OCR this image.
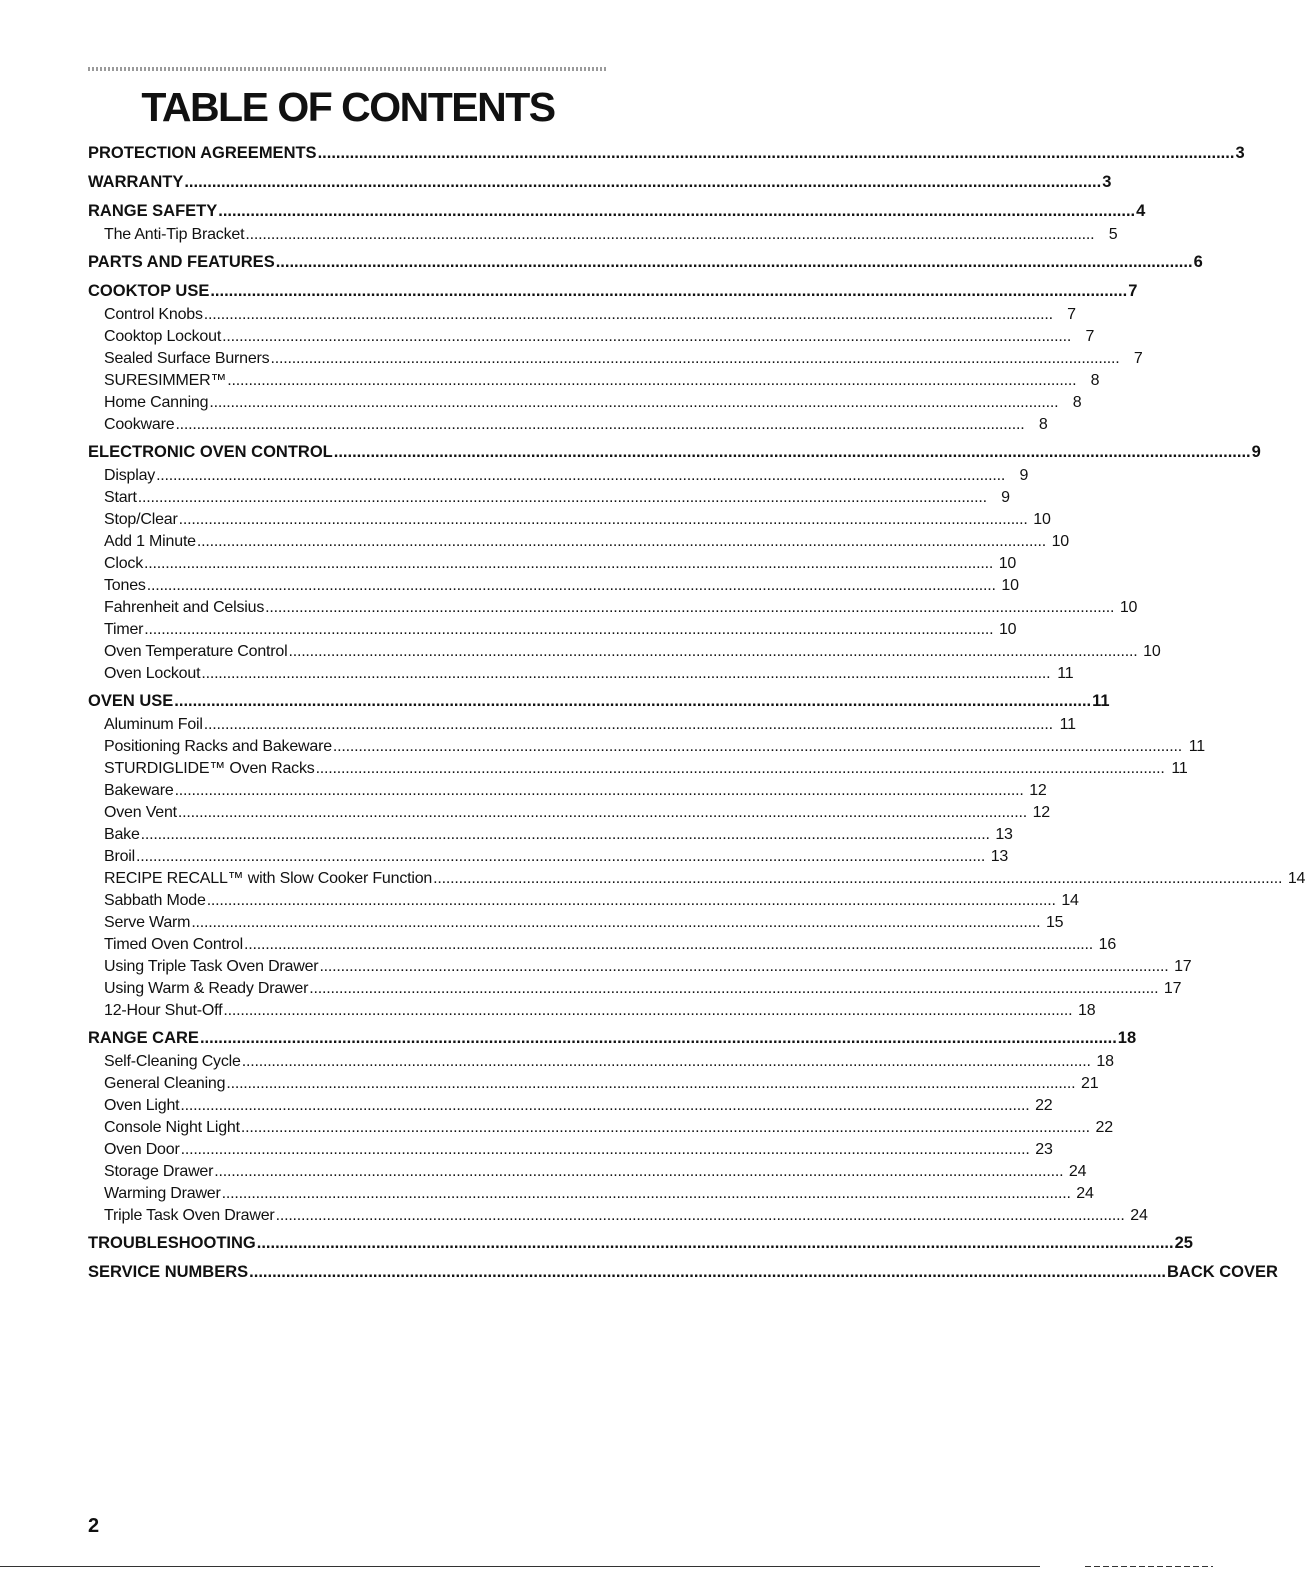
TABLE OF CONTENTS
PROTECTION AGREEMENTS ........................................................................................................................................................................................................ 3
WARRANTY ........................................................................................................................................................................................................ 3
RANGE SAFETY ........................................................................................................................................................................................................ 4
The Anti-Tip Bracket ........................................................................................................................................................................................................ 5
PARTS AND FEATURES ........................................................................................................................................................................................................ 6
COOKTOP USE ........................................................................................................................................................................................................ 7
Control Knobs ........................................................................................................................................................................................................ 7
Cooktop Lockout ........................................................................................................................................................................................................ 7
Sealed Surface Burners ........................................................................................................................................................................................................ 7
SURESIMMER™ ........................................................................................................................................................................................................ 8
Home Canning ........................................................................................................................................................................................................ 8
Cookware ........................................................................................................................................................................................................ 8
ELECTRONIC OVEN CONTROL ........................................................................................................................................................................................................ 9
Display ........................................................................................................................................................................................................ 9
Start ........................................................................................................................................................................................................ 9
Stop/Clear ........................................................................................................................................................................................................ 10
Add 1 Minute ........................................................................................................................................................................................................ 10
Clock ........................................................................................................................................................................................................ 10
Tones ........................................................................................................................................................................................................ 10
Fahrenheit and Celsius ........................................................................................................................................................................................................ 10
Timer ........................................................................................................................................................................................................ 10
Oven Temperature Control ........................................................................................................................................................................................................ 10
Oven Lockout ........................................................................................................................................................................................................ 11
OVEN USE ........................................................................................................................................................................................................ 11
Aluminum Foil ........................................................................................................................................................................................................ 11
Positioning Racks and Bakeware ........................................................................................................................................................................................................ 11
STURDIGLIDE™ Oven Racks ........................................................................................................................................................................................................ 11
Bakeware ........................................................................................................................................................................................................ 12
Oven Vent ........................................................................................................................................................................................................ 12
Bake ........................................................................................................................................................................................................ 13
Broil ........................................................................................................................................................................................................ 13
RECIPE RECALL™ with Slow Cooker Function ........................................................................................................................................................................................................ 14
Sabbath Mode ........................................................................................................................................................................................................ 14
Serve Warm ........................................................................................................................................................................................................ 15
Timed Oven Control ........................................................................................................................................................................................................ 16
Using Triple Task Oven Drawer ........................................................................................................................................................................................................ 17
Using Warm & Ready Drawer ........................................................................................................................................................................................................ 17
12-Hour Shut-Off ........................................................................................................................................................................................................ 18
RANGE CARE ........................................................................................................................................................................................................ 18
Self-Cleaning Cycle ........................................................................................................................................................................................................ 18
General Cleaning ........................................................................................................................................................................................................ 21
Oven Light ........................................................................................................................................................................................................ 22
Console Night Light ........................................................................................................................................................................................................ 22
Oven Door ........................................................................................................................................................................................................ 23
Storage Drawer ........................................................................................................................................................................................................ 24
Warming Drawer ........................................................................................................................................................................................................ 24
Triple Task Oven Drawer ........................................................................................................................................................................................................ 24
TROUBLESHOOTING ........................................................................................................................................................................................................ 25
SERVICE NUMBERS ........................................................................................................................................................................................................ BACK COVER
2
